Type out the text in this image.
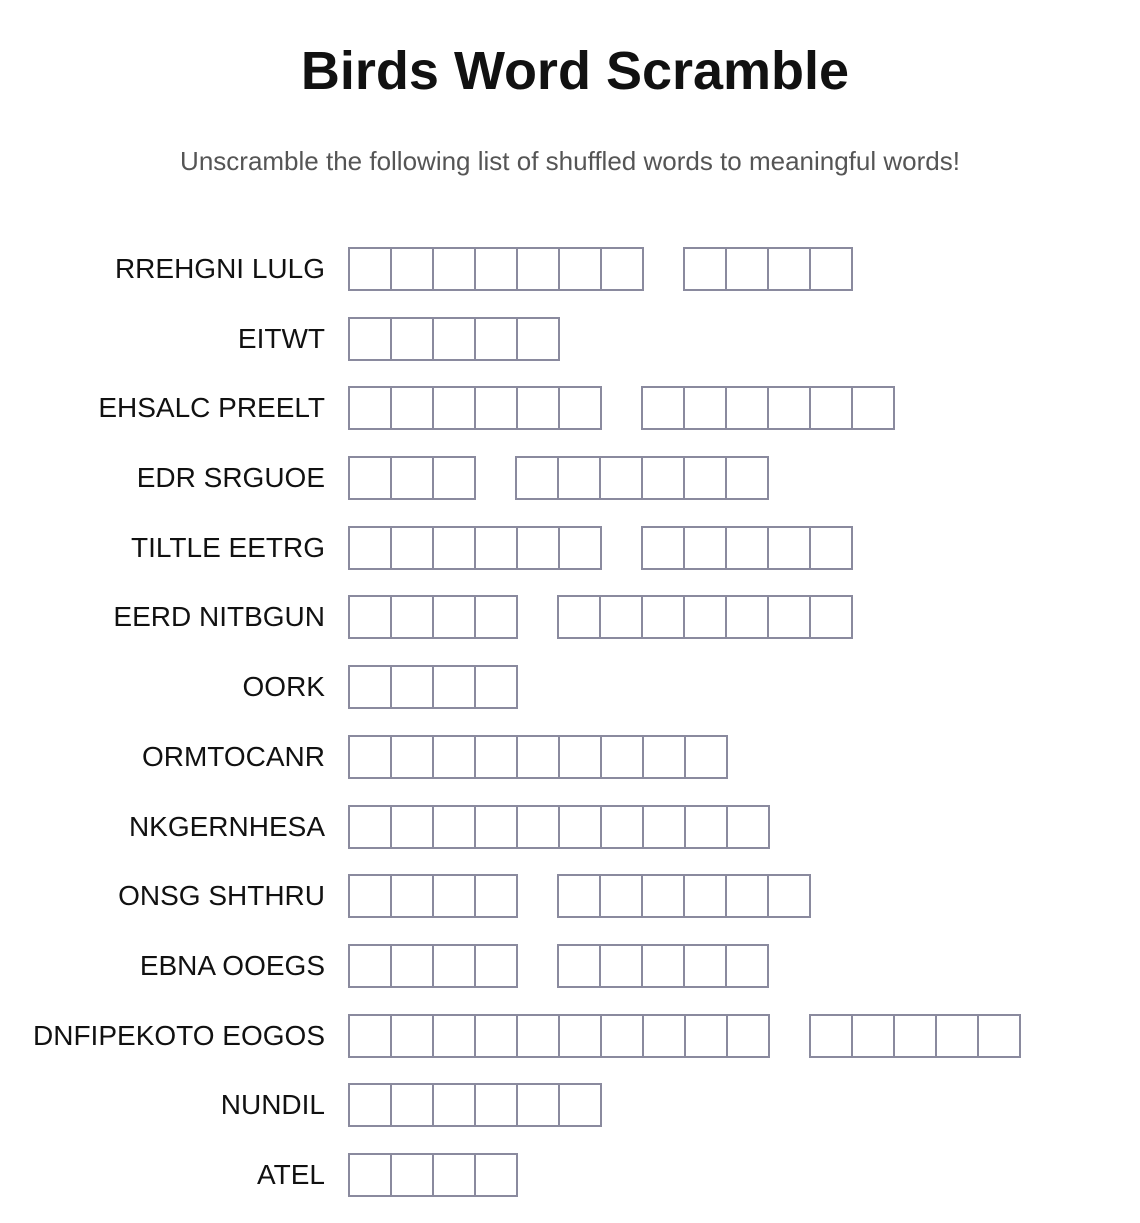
Birds Word Scramble
Unscramble the following list of shuffled words to meaningful words!
RREHGNI LULG
EITWT
EHSALC PREELT
EDR SRGUOE
TILTLE EETRG
EERD NITBGUN
OORK
ORMTOCANR
NKGERNHESA
ONSG SHTHRU
EBNA OOEGS
DNFIPEKOTO EOGOS
NUNDIL
ATEL
